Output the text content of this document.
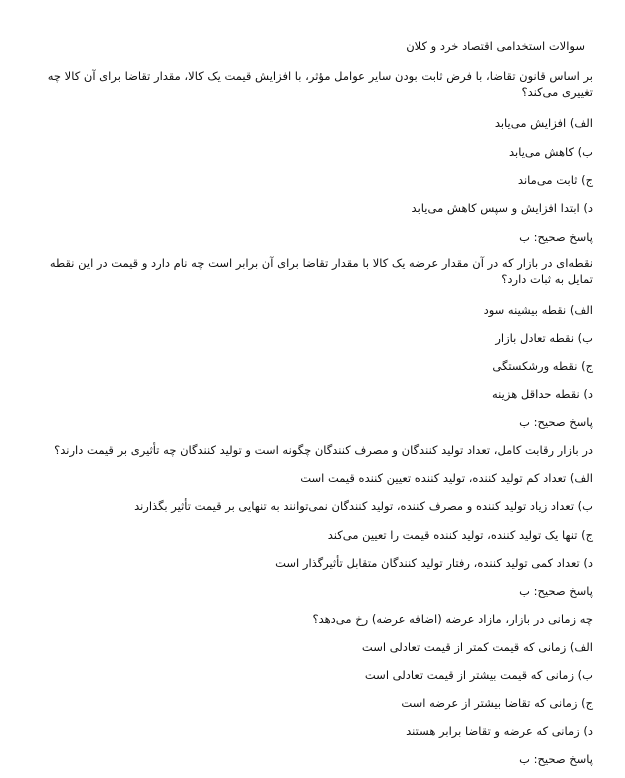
سوالات استخدامی اقتصاد خرد و کلان
بر اساس قانون تقاضا، با فرض ثابت بودن سایر عوامل مؤثر، با افزایش قیمت یک کالا، مقدار تقاضا برای آن کالا چه تغییری می‌کند؟
الف) افزایش می‌یابد
ب) کاهش می‌یابد
ج) ثابت می‌ماند
د) ابتدا افزایش و سپس کاهش می‌یابد
پاسخ صحیح: ب
نقطه‌ای در بازار که در آن مقدار عرضه یک کالا با مقدار تقاضا برای آن برابر است چه نام دارد و قیمت در این نقطه تمایل به ثبات دارد؟
الف) نقطه بیشینه سود
ب) نقطه تعادل بازار
ج) نقطه ورشکستگی
د) نقطه حداقل هزینه
پاسخ صحیح: ب
در بازار رقابت کامل، تعداد تولید کنندگان و مصرف کنندگان چگونه است و تولید کنندگان چه تأثیری بر قیمت دارند؟
الف) تعداد کم تولید کننده، تولید کننده تعیین کننده قیمت است
ب) تعداد زیاد تولید کننده و مصرف کننده، تولید کنندگان نمی‌توانند به تنهایی بر قیمت تأثیر بگذارند
ج) تنها یک تولید کننده، تولید کننده قیمت را تعیین می‌کند
د) تعداد کمی تولید کننده، رفتار تولید کنندگان متقابل تأثیرگذار است
پاسخ صحیح: ب
چه زمانی در بازار، مازاد عرضه (اضافه عرضه) رخ می‌دهد؟
الف) زمانی که قیمت کمتر از قیمت تعادلی است
ب) زمانی که قیمت بیشتر از قیمت تعادلی است
ج) زمانی که تقاضا بیشتر از عرضه است
د) زمانی که عرضه و تقاضا برابر هستند
پاسخ صحیح: ب
